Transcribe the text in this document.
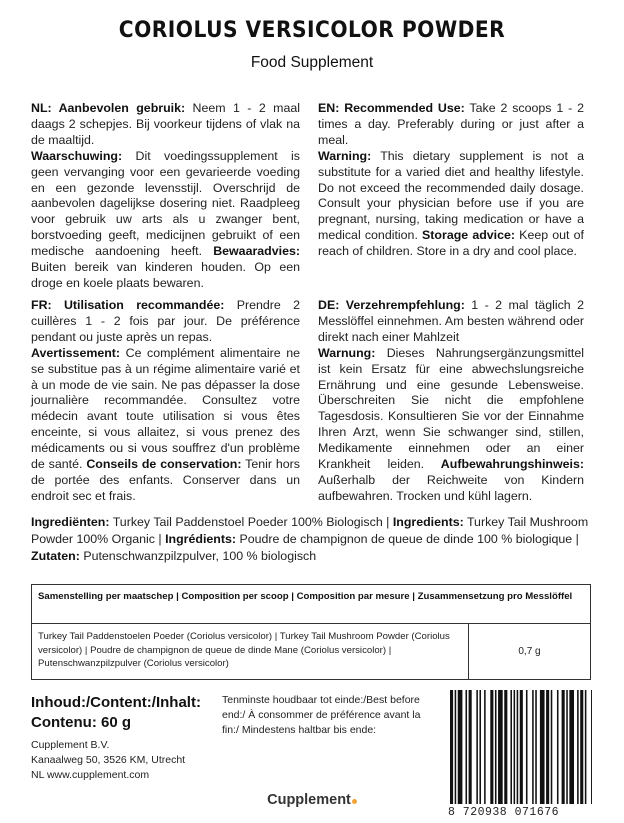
CORIOLUS VERSICOLOR POWDER
Food Supplement
NL: Aanbevolen gebruik: Neem 1 - 2 maal daags 2 schepjes. Bij voorkeur tijdens of vlak na de maaltijd.
Waarschuwing: Dit voedingssupplement is geen vervanging voor een gevarieerde voeding en een gezonde levensstijl. Overschrijd de aanbevolen dagelijkse dosering niet. Raadpleeg voor gebruik uw arts als u zwanger bent, borstvoeding geeft, medicijnen gebruikt of een medische aandoening heeft. Bewaaradvies: Buiten bereik van kinderen houden. Op een droge en koele plaats bewaren.
EN: Recommended Use: Take 2 scoops 1 - 2 times a day. Preferably during or just after a meal.
Warning: This dietary supplement is not a substitute for a varied diet and healthy lifestyle. Do not exceed the recommended daily dosage. Consult your physician before use if you are pregnant, nursing, taking medication or have a medical condition. Storage advice: Keep out of reach of children. Store in a dry and cool place.
FR: Utilisation recommandée: Prendre 2 cuillères 1 - 2 fois par jour. De préférence pendant ou juste après un repas.
Avertissement: Ce complément alimentaire ne se substitue pas à un régime alimentaire varié et à un mode de vie sain. Ne pas dépasser la dose journalière recommandée. Consultez votre médecin avant toute utilisation si vous êtes enceinte, si vous allaitez, si vous prenez des médicaments ou si vous souffrez d'un problème de santé. Conseils de conservation: Tenir hors de portée des enfants. Conserver dans un endroit sec et frais.
DE: Verzehrempfehlung: 1 - 2 mal täglich 2 Messlöffel einnehmen. Am besten während oder direkt nach einer Mahlzeit
Warnung: Dieses Nahrungsergänzungsmittel ist kein Ersatz für eine abwechslungsreiche Ernährung und eine gesunde Lebensweise. Überschreiten Sie nicht die empfohlene Tagesdosis. Konsultieren Sie vor der Einnahme Ihren Arzt, wenn Sie schwanger sind, stillen, Medikamente einnehmen oder an einer Krankheit leiden. Aufbewahrungshinweis: Außerhalb der Reichweite von Kindern aufbewahren. Trocken und kühl lagern.
Ingrediënten: Turkey Tail Paddenstoel Poeder 100% Biologisch | Ingredients: Turkey Tail Mushroom Powder 100% Organic | Ingrédients: Poudre de champignon de queue de dinde 100 % biologique |
Zutaten: Putenschwanzpilzpulver, 100 % biologisch
Samenstelling per maatschep | Composition per scoop | Composition par mesure | Zusammensetzung pro Messlöffel
Turkey Tail Paddenstoelen Poeder (Coriolus versicolor) | Turkey Tail Mushroom Powder (Coriolus versicolor) | Poudre de champignon de queue de dinde Mane (Coriolus versicolor) | Putenschwanzpilzpulver (Coriolus versicolor)
0,7 g
Inhoud:/Content:/Inhalt:
Contenu: 60 g
Cupplement B.V.
Kanaalweg 50, 3526 KM, Utrecht
NL www.cupplement.com
Tenminste houdbaar tot einde:/Best before end:/ À consommer de préférence avant la fin:/ Mindestens haltbar bis ende:
Cupplement
8 720938 071676
